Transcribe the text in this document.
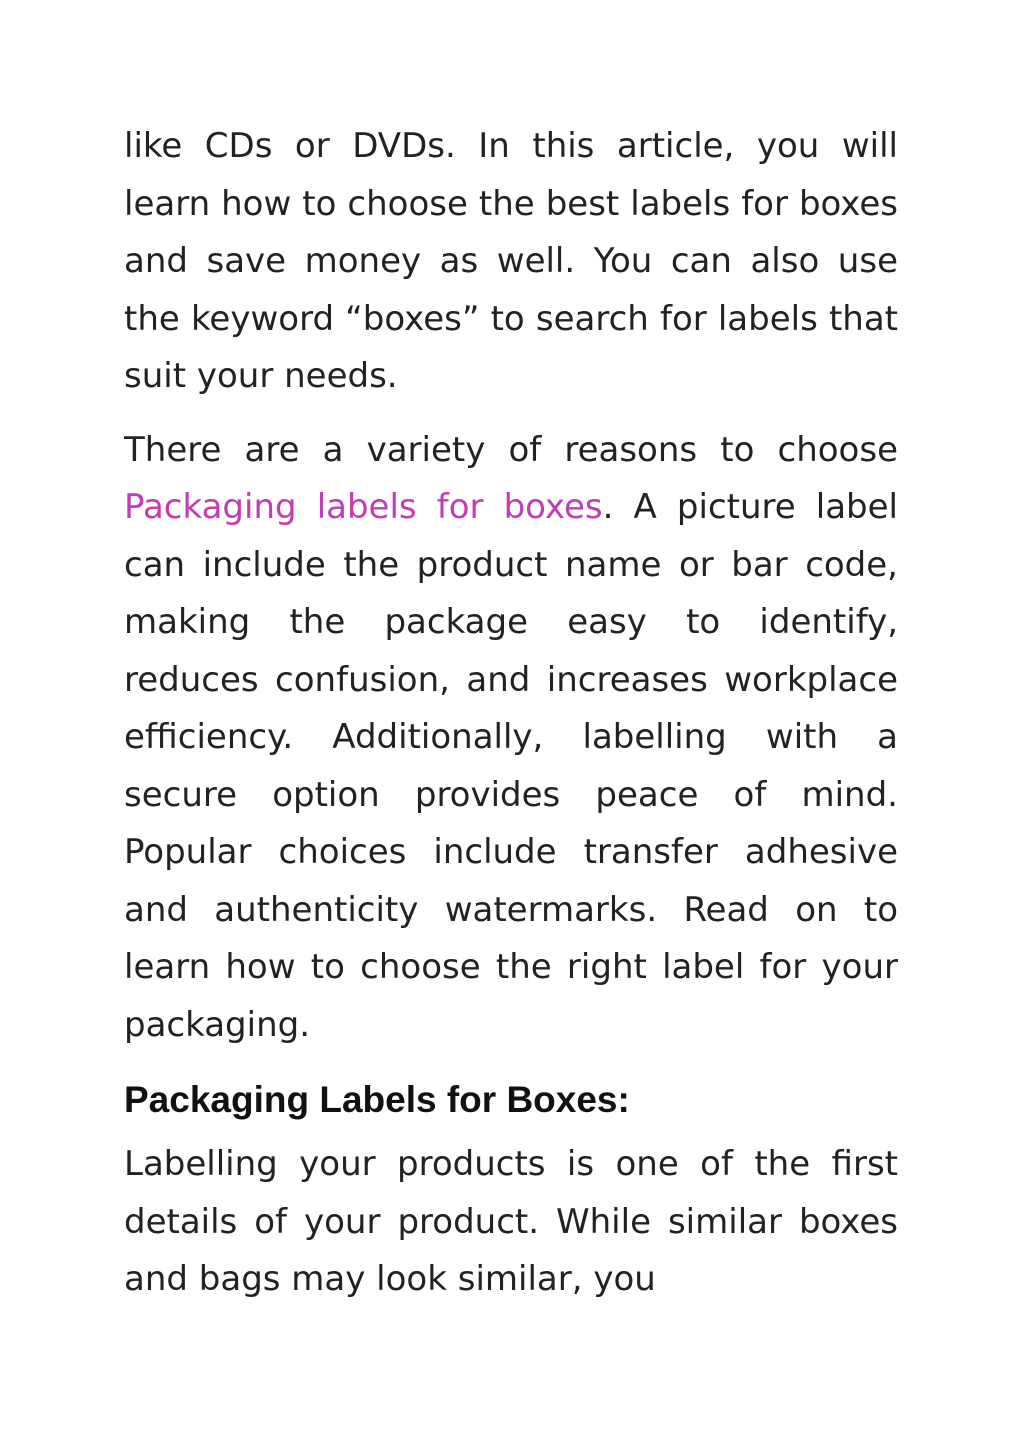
like CDs or DVDs. In this article, you will learn how to choose the best labels for boxes and save money as well. You can also use the keyword “boxes” to search for labels that suit your needs.

There are a variety of reasons to choose Packaging labels for boxes. A picture label can include the product name or bar code, making the package easy to identify, reduces confusion, and increases workplace efficiency. Additionally, labelling with a secure option provides peace of mind. Popular choices include transfer adhesive and authenticity watermarks. Read on to learn how to choose the right label for your packaging.

Packaging Labels for Boxes:

Labelling your products is one of the first details of your product. While similar boxes and bags may look similar, you
